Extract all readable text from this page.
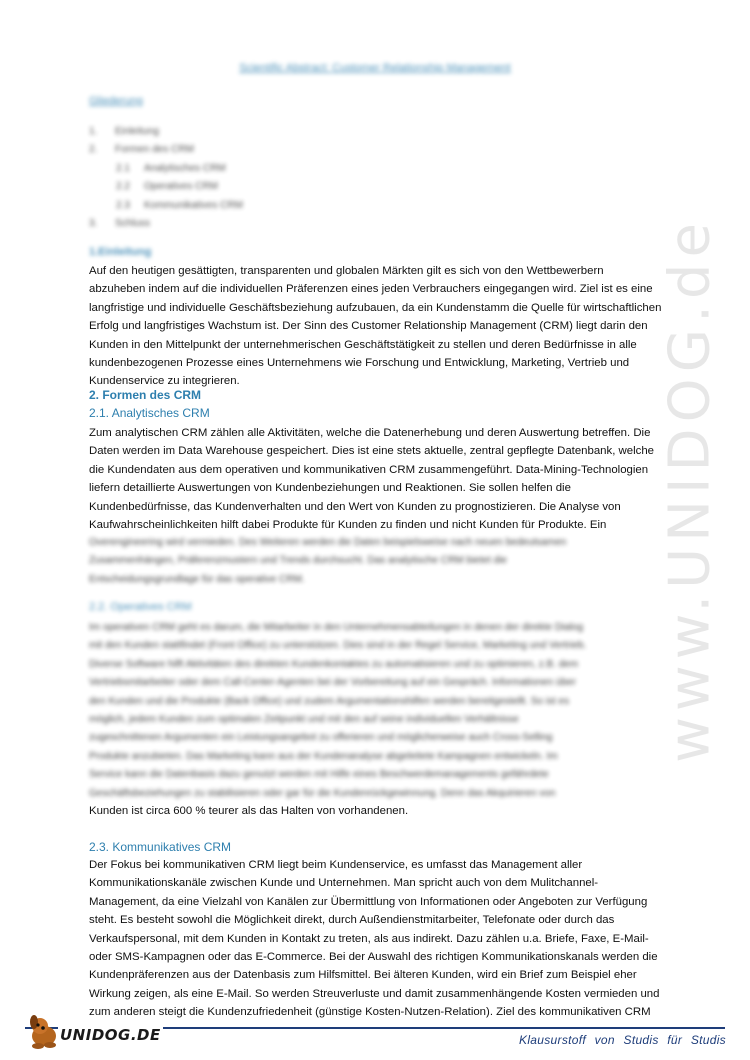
Scientific Abstract: Customer Relationship Management
Gliederung
1.	Einleitung
2.	Formen des CRM
2.1	Analytisches CRM
2.2	Operatives CRM
2.3	Kommunikatives CRM
3.	Schluss
1.Einleitung
Auf den heutigen gesättigten, transparenten und globalen Märkten gilt es sich von den Wettbewerbern
abzuheben indem auf die individuellen Präferenzen eines jeden Verbrauchers eingegangen wird. Ziel ist es eine
langfristige und individuelle Geschäftsbeziehung aufzubauen, da ein Kundenstamm die Quelle für wirtschaftlichen
Erfolg und langfristiges Wachstum ist. Der Sinn des Customer Relationship Management (CRM) liegt darin den
Kunden in den Mittelpunkt der unternehmerischen Geschäftstätigkeit zu stellen und deren Bedürfnisse in alle
kundenbezogenen Prozesse eines Unternehmens wie Forschung und Entwicklung, Marketing, Vertrieb und
Kundenservice zu integrieren.
2. Formen des CRM
2.1. Analytisches CRM
Zum analytischen CRM zählen alle Aktivitäten, welche die Datenerhebung und deren Auswertung betreffen. Die
Daten werden im Data Warehouse gespeichert. Dies ist eine stets aktuelle, zentral gepflegte Datenbank, welche
die Kundendaten aus dem operativen und kommunikativen CRM zusammengeführt. Data-Mining-Technologien
liefern detaillierte Auswertungen von Kundenbeziehungen und Reaktionen. Sie sollen helfen die
Kundenbedürfnisse, das Kundenverhalten und den Wert von Kunden zu prognostizieren. Die Analyse von
Kaufwahrscheinlichkeiten hilft dabei Produkte für Kunden zu finden und nicht Kunden für Produkte. Ein
Overengineering wird vermieden. Des Weiteren werden die Daten beispielsweise nach neuen bedeutsamen
Zusammenhängen, Präferenzmustern und Trends durchsucht. Das analytische CRM bietet die
Entscheidungsgrundlage für das operative CRM.
2.2. Operatives CRM
Im operativen CRM geht es darum, die Mitarbeiter in den Unternehmensabteilungen in denen der direkte Dialog
mit den Kunden stattfindet (Front Office) zu unterstützen. Dies sind in der Regel Service, Marketing und Vertrieb.
Diverse Software hilft Aktivitäten des direkten Kundenkontaktes zu automatisieren und zu optimieren, z.B. dem
Vertriebsmitarbeiter oder dem Call-Center-Agenten bei der Vorbereitung auf ein Gespräch. Informationen über
den Kunden und die Produkte (Back Office) und zudem Argumentationshilfen werden bereitgestellt. So ist es
möglich, jedem Kunden zum optimalen Zeitpunkt und mit den auf seine individuellen Verhältnisse
zugeschnittenen Argumenten ein Leistungsangebot zu offerieren und möglicherweise auch Cross-Selling
Produkte anzubieten. Das Marketing kann aus der Kundenanalyse abgeleitete Kampagnen entwickeln. Im
Service kann die Datenbasis dazu genutzt werden mit Hilfe eines Beschwerdemanagements gefährdete
Geschäftsbeziehungen zu stabilisieren oder gar für die Kundenrückgewinnung. Denn das Akquirieren von
Kunden ist circa 600 % teurer als das Halten von vorhandenen.
2.3. Kommunikatives CRM
Der Fokus bei kommunikativen CRM liegt beim Kundenservice, es umfasst das Management aller
Kommunikationskanäle zwischen Kunde und Unternehmen. Man spricht auch von dem Mulitchannel-
Management, da eine Vielzahl von Kanälen zur Übermittlung von Informationen oder Angeboten zur Verfügung
steht. Es besteht sowohl die Möglichkeit direkt, durch Außendienstmitarbeiter, Telefonate oder durch das
Verkaufspersonal, mit dem Kunden in Kontakt zu treten, als aus indirekt. Dazu zählen u.a. Briefe, Faxe, E-Mail-
oder SMS-Kampagnen oder das E-Commerce. Bei der Auswahl des richtigen Kommunikationskanals werden die
Kundenpräferenzen aus der Datenbasis zum Hilfsmittel. Bei älteren Kunden, wird ein Brief zum Beispiel eher
Wirkung zeigen, als eine E-Mail. So werden Streuverluste und damit zusammenhängende Kosten vermieden und
zum anderen steigt die Kundenzufriedenheit (günstige Kosten-Nutzen-Relation). Ziel des kommunikativen CRM
www.UNIDOG.de
UNIDOG.DE	Klausurstoff von Studis für Studis
